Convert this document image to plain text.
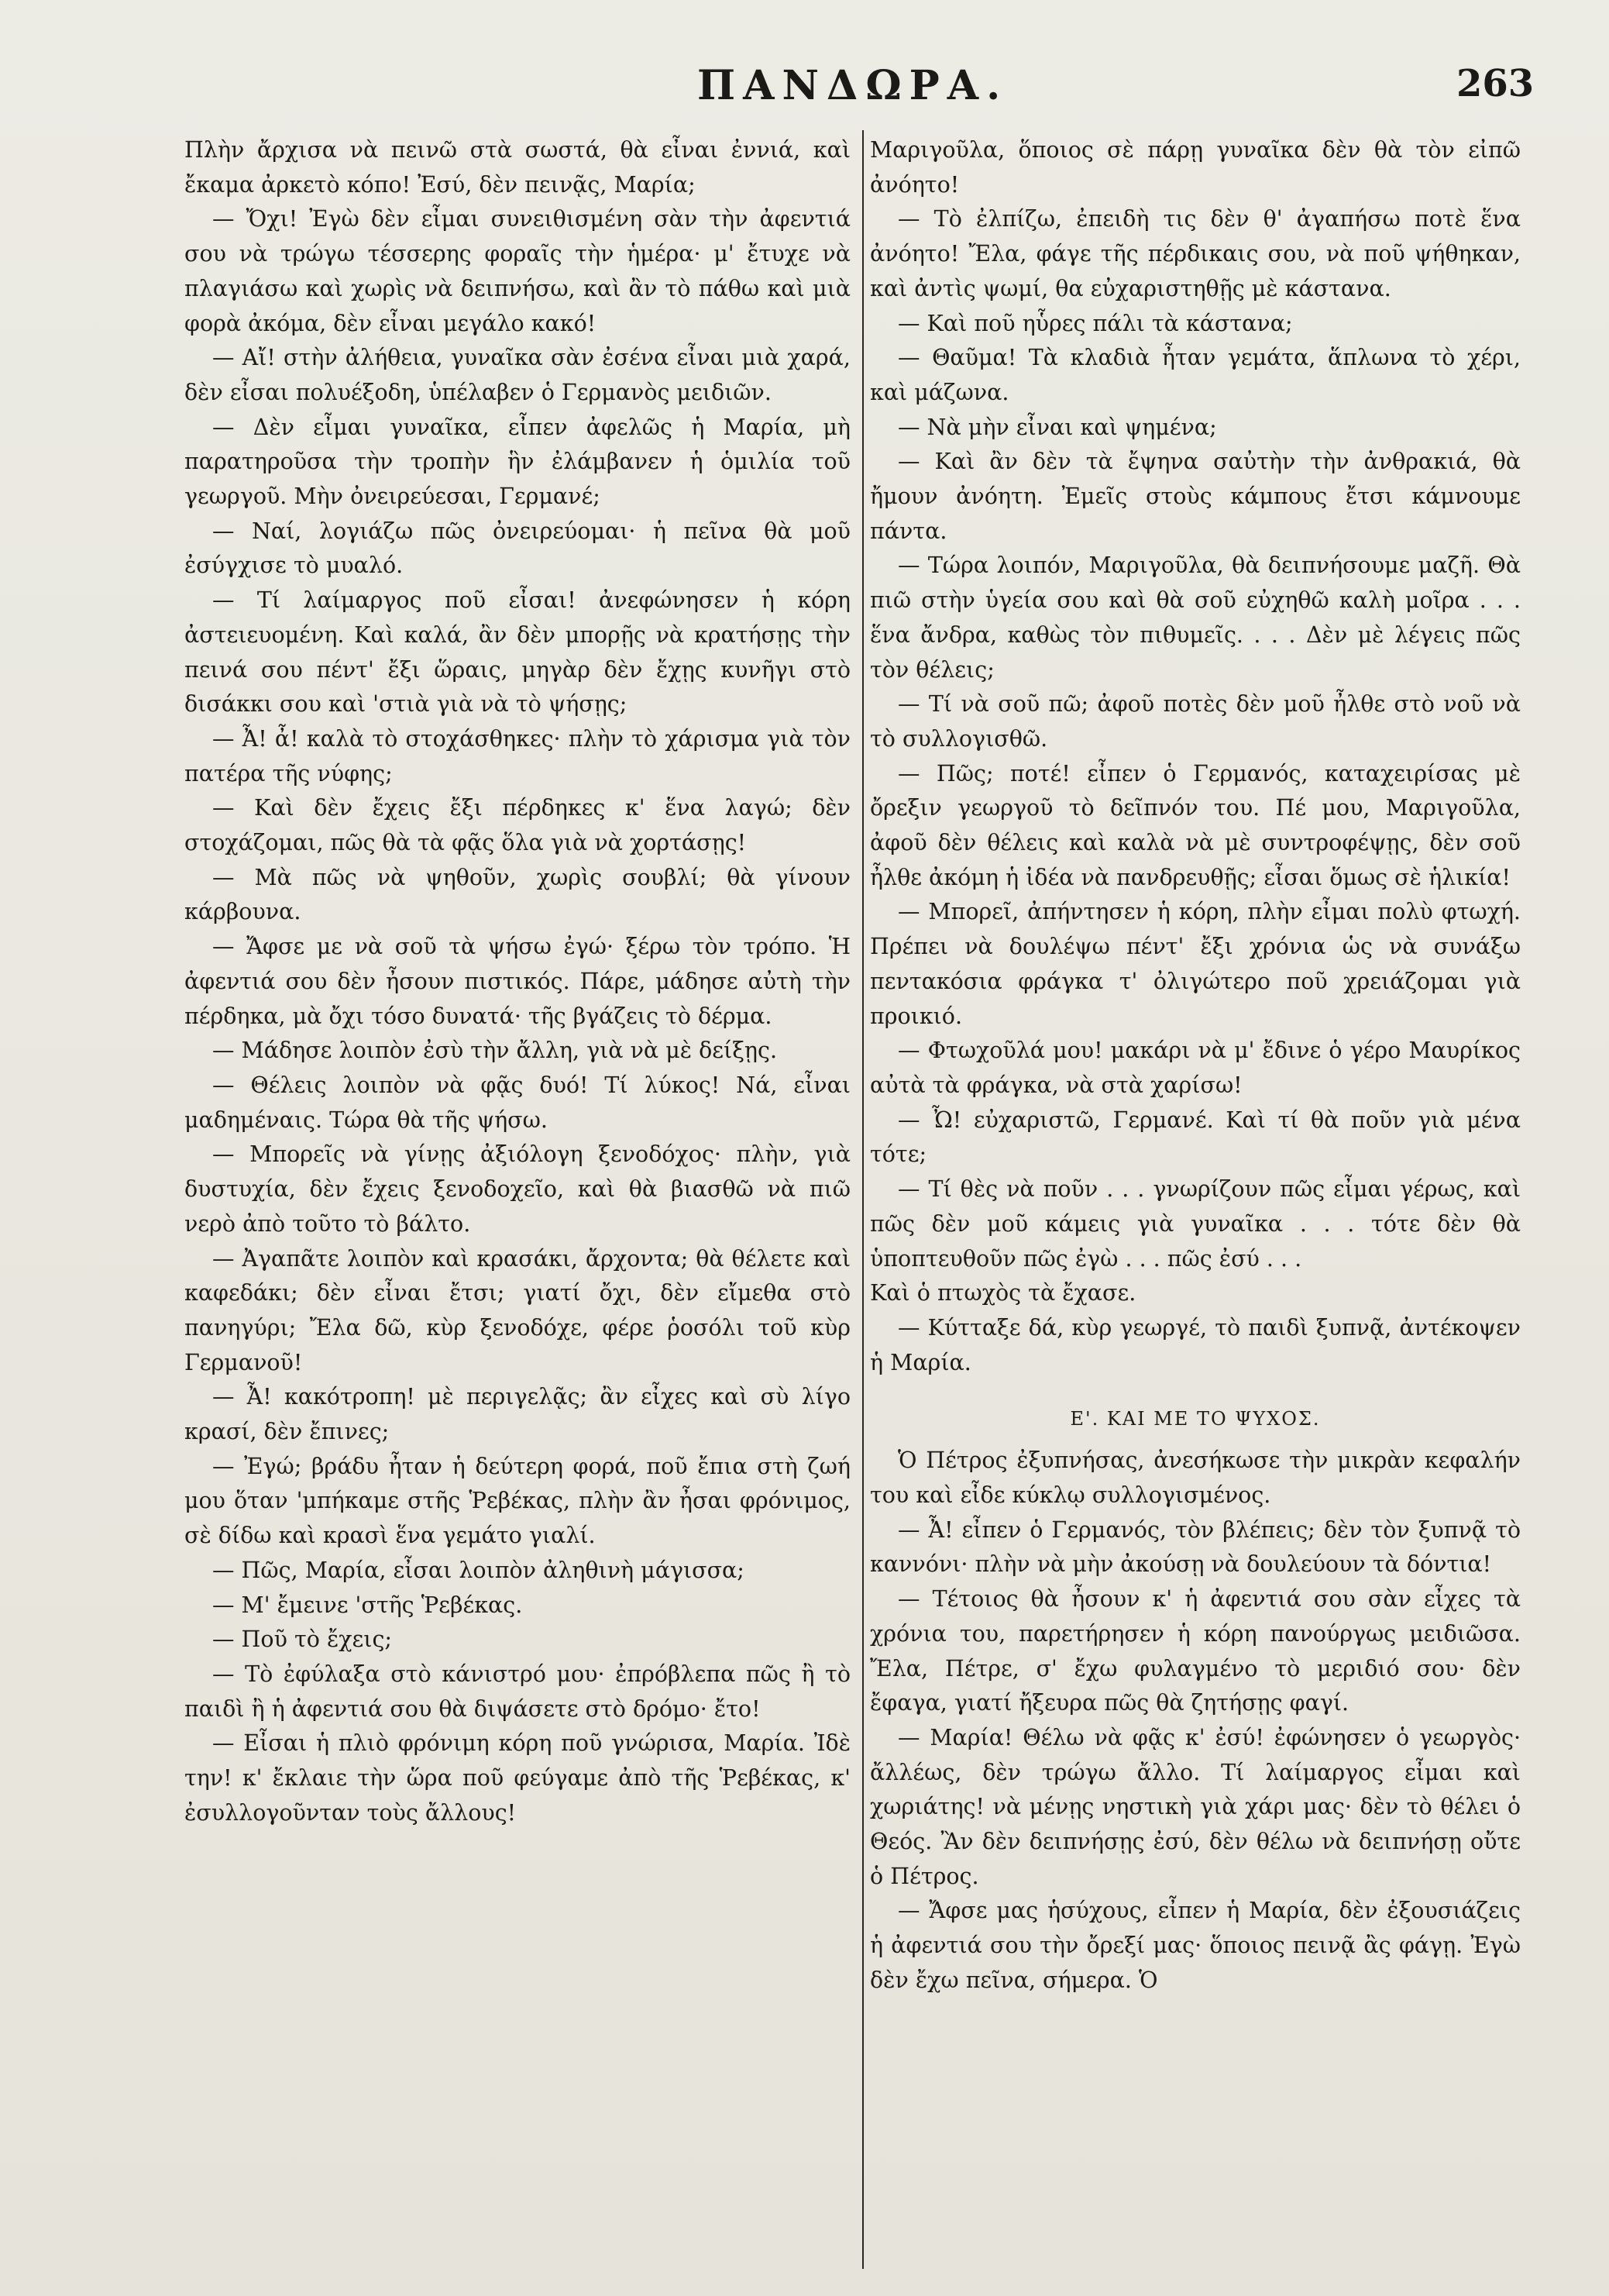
ΠΑΝΔΩΡΑ.	263

Πλὴν ἄρχισα νὰ πεινῶ στὰ σωστά, θὰ εἶναι ἐννιά, καὶ ἔκαμα ἀρκετὸ κόπο! Ἐσύ, δὲν πεινᾷς, Μαρία;

— Ὄχι! Ἐγὼ δὲν εἶμαι συνειθισμένη σὰν τὴν ἀφεντιά σου νὰ τρώγω τέσσερης φοραῖς τὴν ἡμέρα· μ' ἔτυχε νὰ πλαγιάσω καὶ χωρὶς νὰ δειπνήσω, καὶ ἂν τὸ πάθω καὶ μιὰ φορὰ ἀκόμα, δὲν εἶναι μεγάλο κακό!

— Αἴ! στὴν ἀλήθεια, γυναῖκα σὰν ἐσένα εἶναι μιὰ χαρά, δὲν εἶσαι πολυέξοδη, ὑπέλαβεν ὁ Γερμανὸς μειδιῶν.

— Δὲν εἶμαι γυναῖκα, εἶπεν ἀφελῶς ἡ Μαρία, μὴ παρατηροῦσα τὴν τροπὴν ἣν ἐλάμβανεν ἡ ὁμιλία τοῦ γεωργοῦ. Μὴν ὀνειρεύεσαι, Γερμανέ;

— Ναί, λογιάζω πῶς ὀνειρεύομαι· ἡ πεῖνα θὰ μοῦ ἐσύγχισε τὸ μυαλό.

— Τί λαίμαργος ποῦ εἶσαι! ἀνεφώνησεν ἡ κόρη ἀστειευομένη. Καὶ καλά, ἂν δὲν μπορῇς νὰ κρατήσῃς τὴν πεινά σου πέντ' ἔξι ὥραις, μηγὰρ δὲν ἔχῃς κυνῆγι στὸ δισάκκι σου καὶ 'στιὰ γιὰ νὰ τὸ ψήσῃς;

— Ἆ! ἆ! καλὰ τὸ στοχάσθηκες· πλὴν τὸ χάρισμα γιὰ τὸν πατέρα τῆς νύφης;

— Καὶ δὲν ἔχεις ἔξι πέρδηκες κ' ἕνα λαγώ; δὲν στοχάζομαι, πῶς θὰ τὰ φᾷς ὅλα γιὰ νὰ χορτάσῃς!

— Μὰ πῶς νὰ ψηθοῦν, χωρὶς σουβλί; θὰ γίνουν κάρβουνα.

— Ἄφσε με νὰ σοῦ τὰ ψήσω ἐγώ· ξέρω τὸν τρόπο. Ἡ ἀφεντιά σου δὲν ἦσουν πιστικός. Πάρε, μάδησε αὐτὴ τὴν πέρδηκα, μὰ ὄχι τόσο δυνατά· τῆς βγάζεις τὸ δέρμα.

— Μάδησε λοιπὸν ἐσὺ τὴν ἄλλη, γιὰ νὰ μὲ δείξῃς.

— Θέλεις λοιπὸν νὰ φᾷς δυό! Τί λύκος! Νά, εἶναι μαδημέναις. Τώρα θὰ τῆς ψήσω.

— Μπορεῖς νὰ γίνῃς ἀξιόλογη ξενοδόχος· πλὴν, γιὰ δυστυχία, δὲν ἔχεις ξενοδοχεῖο, καὶ θὰ βιασθῶ νὰ πιῶ νερὸ ἀπὸ τοῦτο τὸ βάλτο.

— Ἀγαπᾶτε λοιπὸν καὶ κρασάκι, ἄρχοντα; θὰ θέλετε καὶ καφεδάκι; δὲν εἶναι ἔτσι; γιατί ὄχι, δὲν εἴμεθα στὸ πανηγύρι; Ἔλα δῶ, κὺρ ξενοδόχε, φέρε ῥοσόλι τοῦ κὺρ Γερμανοῦ!

— Ἆ! κακότροπη! μὲ περιγελᾷς; ἂν εἶχες καὶ σὺ λίγο κρασί, δὲν ἔπινες;

— Ἐγώ; βράδυ ἦταν ἡ δεύτερη φορά, ποῦ ἔπια στὴ ζωή μου ὅταν 'μπήκαμε στῆς Ῥεβέκας, πλὴν ἂν ἦσαι φρόνιμος, σὲ δίδω καὶ κρασὶ ἕνα γεμάτο γιαλί.

— Πῶς, Μαρία, εἶσαι λοιπὸν ἀληθινὴ μάγισσα;

— Μ' ἔμεινε 'στῆς Ῥεβέκας.

— Ποῦ τὸ ἔχεις;

— Τὸ ἐφύλαξα στὸ κάνιστρό μου· ἐπρόβλεπα πῶς ἢ τὸ παιδὶ ἢ ἡ ἀφεντιά σου θὰ διψάσετε στὸ δρόμο· ἔτο!

— Εἶσαι ἡ πλιὸ φρόνιμη κόρη ποῦ γνώρισα, Μαρία. Ἰδὲ την! κ' ἔκλαιε τὴν ὥρα ποῦ φεύγαμε ἀπὸ τῆς Ῥεβέκας, κ' ἐσυλλογοῦνταν τοὺς ἄλλους!

Μαριγοῦλα, ὅποιος σὲ πάρῃ γυναῖκα δὲν θὰ τὸν εἰπῶ ἀνόητο!

— Τὸ ἐλπίζω, ἐπειδὴ τις δὲν θ' ἀγαπήσω ποτὲ ἕνα ἀνόητο! Ἔλα, φάγε τῆς πέρδικαις σου, νὰ ποῦ ψήθηκαν, καὶ ἀντὶς ψωμί, θα εὐχαριστηθῇς μὲ κάστανα.

— Καὶ ποῦ ηὗρες πάλι τὰ κάστανα;

— Θαῦμα! Τὰ κλαδιὰ ἦταν γεμάτα, ἅπλωνα τὸ χέρι, καὶ μάζωνα.

— Νὰ μὴν εἶναι καὶ ψημένα;

— Καὶ ἂν δὲν τὰ ἔψηνα σαὐτὴν τὴν ἀνθρακιά, θὰ ἤμουν ἀνόητη. Ἐμεῖς στοὺς κάμπους ἔτσι κάμνουμε πάντα.

— Τώρα λοιπόν, Μαριγοῦλα, θὰ δειπνήσουμε μαζῆ. Θὰ πιῶ στὴν ὑγεία σου καὶ θὰ σοῦ εὐχηθῶ καλὴ μοῖρα . . . ἕνα ἄνδρα, καθὼς τὸν πιθυμεῖς. . . . Δὲν μὲ λέγεις πῶς τὸν θέλεις;

— Τί νὰ σοῦ πῶ; ἀφοῦ ποτὲς δὲν μοῦ ἦλθε στὸ νοῦ νὰ τὸ συλλογισθῶ.

— Πῶς; ποτέ! εἶπεν ὁ Γερμανός, καταχειρίσας μὲ ὄρεξιν γεωργοῦ τὸ δεῖπνόν του. Πέ μου, Μαριγοῦλα, ἀφοῦ δὲν θέλεις καὶ καλὰ νὰ μὲ συντροφέψῃς, δὲν σοῦ ἦλθε ἀκόμη ἡ ἰδέα νὰ πανδρευθῇς; εἶσαι ὅμως σὲ ἡλικία!

— Μπορεῖ, ἀπήντησεν ἡ κόρη, πλὴν εἶμαι πολὺ φτωχή. Πρέπει νὰ δουλέψω πέντ' ἔξι χρόνια ὡς νὰ συνάξω πεντακόσια φράγκα τ' ὀλιγώτερο ποῦ χρειάζομαι γιὰ προικιό.

— Φτωχοῦλά μου! μακάρι νὰ μ' ἔδινε ὁ γέρο Μαυρίκος αὐτὰ τὰ φράγκα, νὰ στὰ χαρίσω!

— Ὦ! εὐχαριστῶ, Γερμανέ. Καὶ τί θὰ ποῦν γιὰ μένα τότε;

— Τί θὲς νὰ ποῦν . . . γνωρίζουν πῶς εἶμαι γέρως, καὶ πῶς δὲν μοῦ κάμεις γιὰ γυναῖκα . . . τότε δὲν θὰ ὑποπτευθοῦν πῶς ἐγὼ . . . πῶς ἐσύ . . .

Καὶ ὁ πτωχὸς τὰ ἔχασε.

— Κύτταξε δά, κὺρ γεωργέ, τὸ παιδὶ ξυπνᾷ, ἀντέκοψεν ἡ Μαρία.

Ε'. ΚΑΙ ΜΕ ΤΟ ΨΥΧΟΣ.

Ὁ Πέτρος ἐξυπνήσας, ἀνεσήκωσε τὴν μικρὰν κεφαλήν του καὶ εἶδε κύκλῳ συλλογισμένος.

— Ἆ! εἶπεν ὁ Γερμανός, τὸν βλέπεις; δὲν τὸν ξυπνᾷ τὸ καννόνι· πλὴν νὰ μὴν ἀκούσῃ νὰ δουλεύουν τὰ δόντια!

— Τέτοιος θὰ ἦσουν κ' ἡ ἀφεντιά σου σὰν εἶχες τὰ χρόνια του, παρετήρησεν ἡ κόρη πανούργως μειδιῶσα. Ἔλα, Πέτρε, σ' ἔχω φυλαγμένο τὸ μεριδιό σου· δὲν ἔφαγα, γιατί ἤξευρα πῶς θὰ ζητήσῃς φαγί.

— Μαρία! Θέλω νὰ φᾷς κ' ἐσύ! ἐφώνησεν ὁ γεωργὸς· ἄλλέως, δὲν τρώγω ἄλλο. Τί λαίμαργος εἶμαι καὶ χωριάτης! νὰ μένῃς νηστικὴ γιὰ χάρι μας· δὲν τὸ θέλει ὁ Θεός. Ἂν δὲν δειπνήσῃς ἐσύ, δὲν θέλω νὰ δειπνήσῃ οὔτε ὁ Πέτρος.

— Ἄφσε μας ἡσύχους, εἶπεν ἡ Μαρία, δὲν ἐξουσιάζεις ἡ ἀφεντιά σου τὴν ὄρεξί μας· ὅποιος πεινᾷ ἂς φάγῃ. Ἐγὼ δὲν ἔχω πεῖνα, σήμερα. Ὁ
